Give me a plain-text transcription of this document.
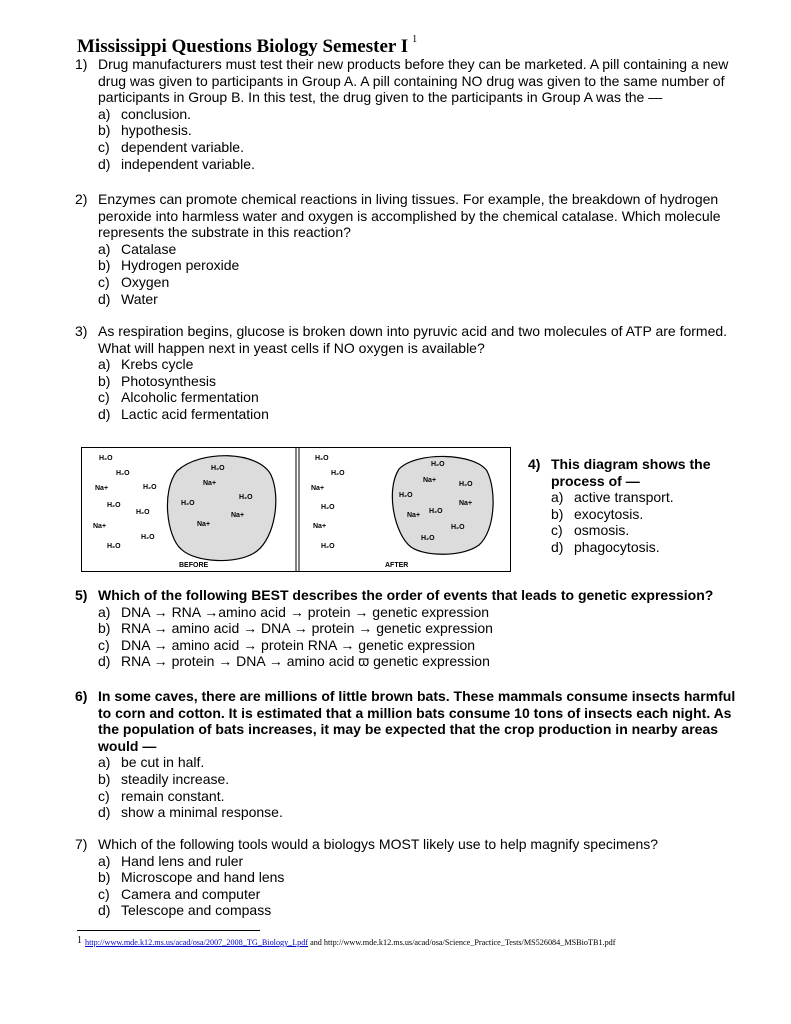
Mississippi Questions Biology Semester I $^1$
1) Drug manufacturers must test their new products before they can be marketed. A pill containing a new drug was given to participants in Group A. A pill containing NO drug was given to the same number of participants in Group B. In this test, the drug given to the participants in Group A was the —
a) conclusion.
b) hypothesis.
c) dependent variable.
d) independent variable.
2) Enzymes can promote chemical reactions in living tissues. For example, the breakdown of hydrogen peroxide into harmless water and oxygen is accomplished by the chemical catalase. Which molecule represents the substrate in this reaction?
a) Catalase
b) Hydrogen peroxide
c) Oxygen
d) Water
3) As respiration begins, glucose is broken down into pyruvic acid and two molecules of ATP are formed. What will happen next in yeast cells if NO oxygen is available?
a) Krebs cycle
b) Photosynthesis
c) Alcoholic fermentation
d) Lactic acid fermentation
H₂O
H₂O
Na+	H₂O
H₂O
H₂O
Na+
H₂O
H₂O
H₂O
Na+
H₂O
H₂O
Na+
Na+
H₂O
H₂O
Na+
H₂O
Na+
H₂O
H₂O
Na+
H₂O
H₂O
Na+
H₂O
Na+
H₂O
H₂O
BEFORE	AFTER
4) This diagram shows the process of —
a) active transport.
b) exocytosis.
c) osmosis.
d) phagocytosis.
5) Which of the following BEST describes the order of events that leads to genetic expression?
a) DNA → RNA →amino acid → protein → genetic expression
b) RNA → amino acid → DNA → protein → genetic expression
c) DNA → amino acid → protein RNA → genetic expression
d) RNA → protein → DNA → amino acid ϖ genetic expression
6) In some caves, there are millions of little brown bats. These mammals consume insects harmful to corn and cotton. It is estimated that a million bats consume 10 tons of insects each night. As the population of bats increases, it may be expected that the crop production in nearby areas would —
a) be cut in half.
b) steadily increase.
c) remain constant.
d) show a minimal response.
7) Which of the following tools would a biologys MOST likely use to help magnify specimens?
a) Hand lens and ruler
b) Microscope and hand lens
c) Camera and computer
d) Telescope and compass
1 http://www.mde.k12.ms.us/acad/osa/2007_2008_TG_Biology_I.pdf and http://www.mde.k12.ms.us/acad/osa/Science_Practice_Tests/MS526084_MSBioTB1.pdf
